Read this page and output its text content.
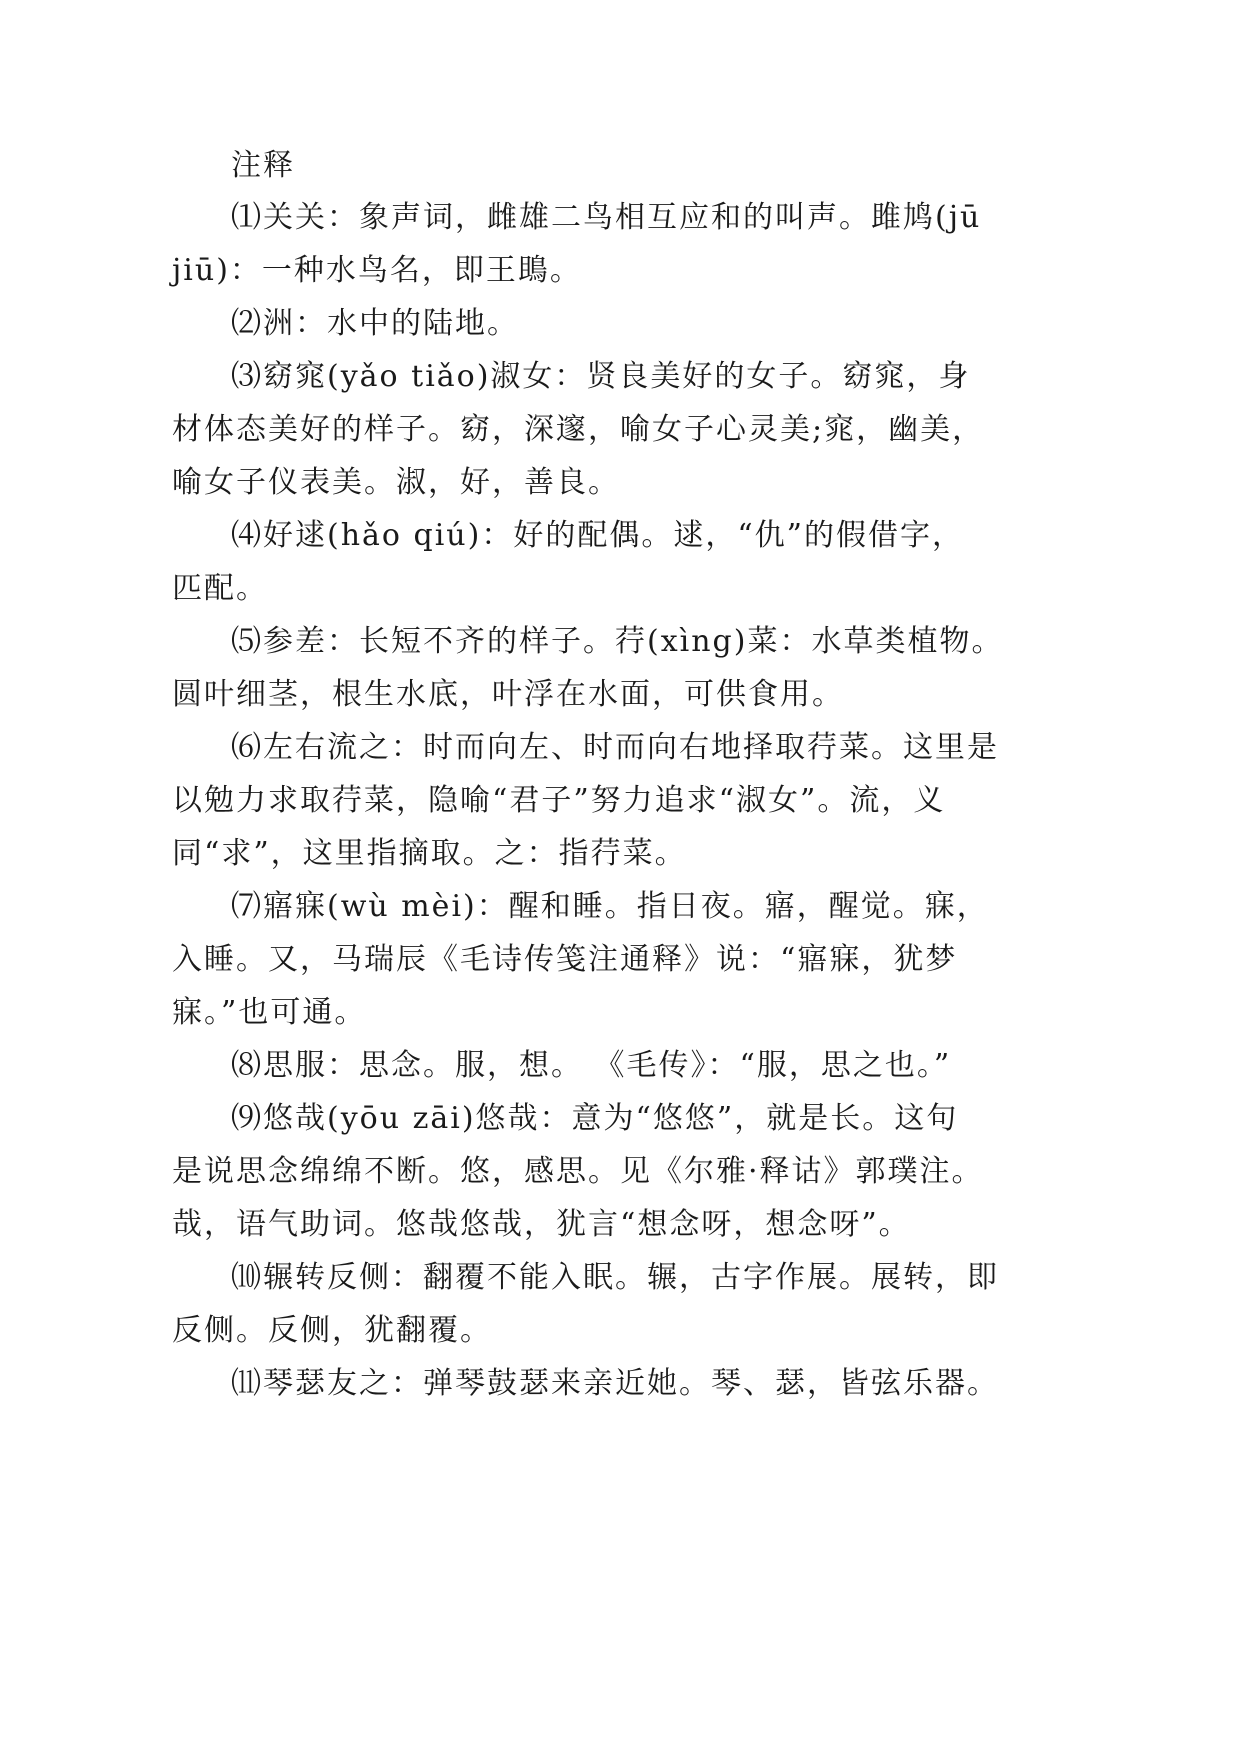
注释
⑴关关：象声词，雌雄二鸟相互应和的叫声。雎鸠(jū
jiū)：一种水鸟名，即王鴡。
⑵洲：水中的陆地。
⑶窈窕(yǎo tiǎo)淑女：贤良美好的女子。窈窕，身
材体态美好的样子。窈，深邃，喻女子心灵美;窕，幽美，
喻女子仪表美。淑，好，善良。
⑷好逑(hǎo qiú)：好的配偶。逑，“仇”的假借字，
匹配。
⑸参差：长短不齐的样子。荇(xìng)菜：水草类植物。
圆叶细茎，根生水底，叶浮在水面，可供食用。
⑹左右流之：时而向左、时而向右地择取荇菜。这里是
以勉力求取荇菜，隐喻“君子”努力追求“淑女”。流，义
同“求”，这里指摘取。之：指荇菜。
⑺寤寐(wù mèi)：醒和睡。指日夜。寤，醒觉。寐，
入睡。又，马瑞辰《毛诗传笺注通释》说：“寤寐，犹梦
寐。”也可通。
⑻思服：思念。服，想。 《毛传》：“服，思之也。”
⑼悠哉(yōu zāi)悠哉：意为“悠悠”，就是长。这句
是说思念绵绵不断。悠，感思。见《尔雅·释诂》郭璞注。
哉，语气助词。悠哉悠哉，犹言“想念呀，想念呀”。
⑽辗转反侧：翻覆不能入眠。辗，古字作展。展转，即
反侧。反侧，犹翻覆。
⑾琴瑟友之：弹琴鼓瑟来亲近她。琴、瑟，皆弦乐器。
